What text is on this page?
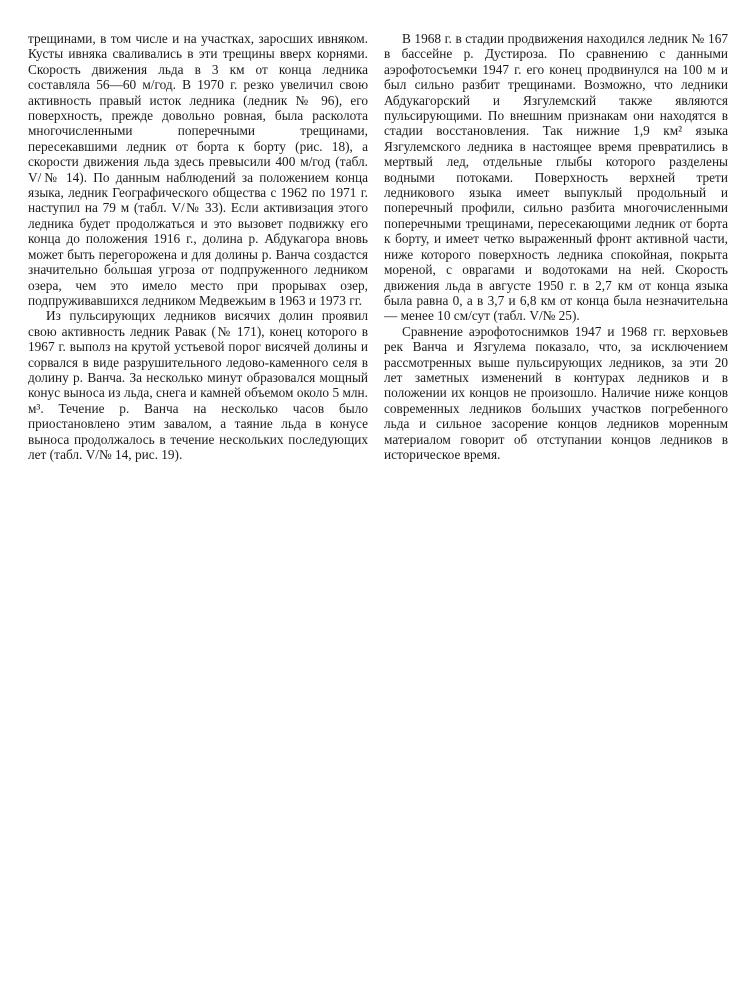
трещинами, в том числе и на участках, заросших ивняком. Кусты ивняка сваливались в эти трещины вверх корнями. Скорость движения льда в 3 км от конца ледника составляла 56—60 м/год. В 1970 г. резко увеличил свою активность правый исток ледника (ледник № 96), его поверхность, прежде довольно ровная, была расколота многочисленными поперечными трещинами, пересекавшими ледник от борта к борту (рис. 18), а скорости движения льда здесь превысили 400 м/год (табл. V/№ 14). По данным наблюдений за положением конца языка, ледник Географического общества с 1962 по 1971 г. наступил на 79 м (табл. V/№ 33). Если активизация этого ледника будет продолжаться и это вызовет подвижку его конца до положения 1916 г., долина р. Абдукагора вновь может быть перегорожена и для долины р. Ванча создастся значительно бо́льшая угроза от подпруженного ледником озера, чем это имело место при прорывах озер, подпруживавшихся ледником Медвежьим в 1963 и 1973 гг.

Из пульсирующих ледников висячих долин проявил свою активность ледник Равак (№ 171), конец которого в 1967 г. выполз на крутой устьевой порог висячей долины и сорвался в виде разрушительного ледово-каменного селя в долину р. Ванча. За несколько минут образовался мощный конус выноса из льда, снега и камней объемом около 5 млн. м³. Течение р. Ванча на несколько часов было приостановлено этим завалом, а таяние льда в конусе выноса продолжалось в течение нескольких последующих лет (табл. V/№ 14, рис. 19).

В 1968 г. в стадии продвижения находился ледник № 167 в бассейне р. Дустироза. По сравнению с данными аэрофотосъемки 1947 г. его конец продвинулся на 100 м и был сильно разбит трещинами. Возможно, что ледники Абдукагорский и Язгулемский также являются пульсирующими. По внешним признакам они находятся в стадии восстановления. Так нижние 1,9 км² языка Язгулемского ледника в настоящее время превратились в мертвый лед, отдельные глыбы которого разделены водными потоками. Поверхность верхней трети ледникового языка имеет выпуклый продольный и поперечный профили, сильно разбита многочисленными поперечными трещинами, пересекающими ледник от борта к борту, и имеет четко выраженный фронт активной части, ниже которого поверхность ледника спокойная, покрыта мореной, с оврагами и водотоками на ней. Скорость движения льда в августе 1950 г. в 2,7 км от конца языка была равна 0, а в 3,7 и 6,8 км от конца была незначительна — менее 10 см/сут (табл. V/№ 25).

Сравнение аэрофотоснимков 1947 и 1968 гг. верховьев рек Ванча и Язгулема показало, что, за исключением рассмотренных выше пульсирующих ледников, за эти 20 лет заметных изменений в контурах ледников и в положении их концов не произошло. Наличие ниже концов современных ледников больших участков погребенного льда и сильное засорение концов ледников моренным материалом говорит об отступании концов ледников в историческое время.
